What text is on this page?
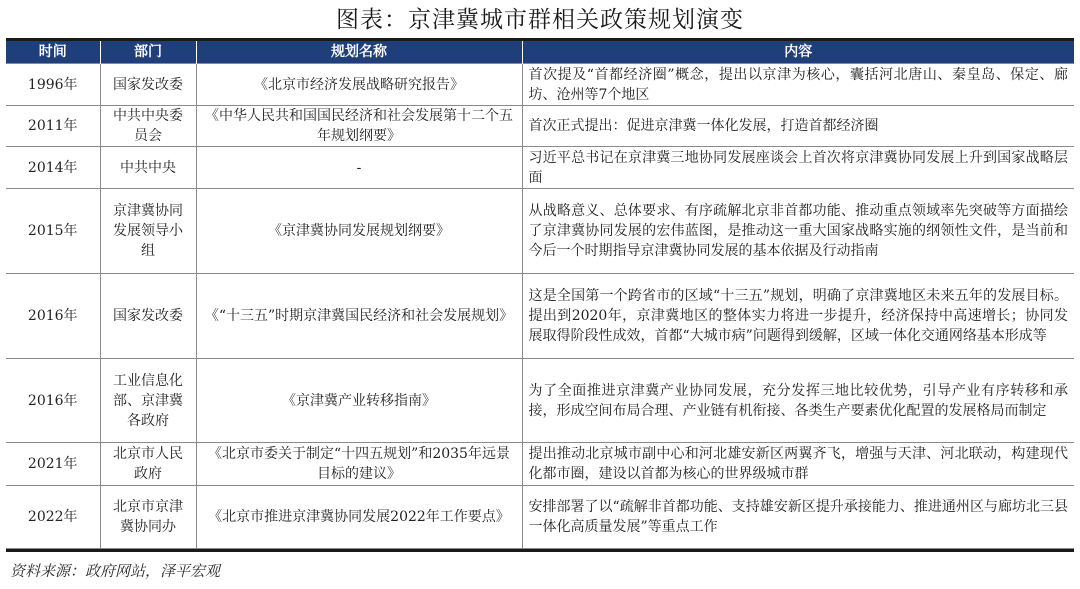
图表：京津冀城市群相关政策规划演变
时间	部门	规划名称	内容
1996年	国家发改委	《北京市经济发展战略研究报告》	首次提及“首都经济圈”概念，提出以京津为核心，囊括河北唐山、秦皇岛、保定、廊坊、沧州等7个地区
2011年	中共中央委员会	《中华人民共和国国民经济和社会发展第十二个五年规划纲要》	首次正式提出：促进京津冀一体化发展，打造首都经济圈
2014年	中共中央	-	习近平总书记在京津冀三地协同发展座谈会上首次将京津冀协同发展上升到国家战略层面
2015年	京津冀协同发展领导小组	《京津冀协同发展规划纲要》	从战略意义、总体要求、有序疏解北京非首都功能、推动重点领域率先突破等方面描绘了京津冀协同发展的宏伟蓝图，是推动这一重大国家战略实施的纲领性文件，是当前和今后一个时期指导京津冀协同发展的基本依据及行动指南
2016年	国家发改委	《“十三五”时期京津冀国民经济和社会发展规划》	这是全国第一个跨省市的区域“十三五”规划，明确了京津冀地区未来五年的发展目标。提出到2020年，京津冀地区的整体实力将进一步提升，经济保持中高速增长；协同发展取得阶段性成效，首都“大城市病”问题得到缓解，区域一体化交通网络基本形成等
2016年	工业信息化部、京津冀各政府	《京津冀产业转移指南》	为了全面推进京津冀产业协同发展，充分发挥三地比较优势，引导产业有序转移和承接，形成空间布局合理、产业链有机衔接、各类生产要素优化配置的发展格局而制定
2021年	北京市人民政府	《北京市委关于制定“十四五规划”和2035年远景目标的建议》	提出推动北京城市副中心和河北雄安新区两翼齐飞，增强与天津、河北联动，构建现代化都市圈，建设以首都为核心的世界级城市群
2022年	北京市京津冀协同办	《北京市推进京津冀协同发展2022年工作要点》	安排部署了以“疏解非首都功能、支持雄安新区提升承接能力、推进通州区与廊坊北三县一体化高质量发展”等重点工作
资料来源：政府网站，泽平宏观
